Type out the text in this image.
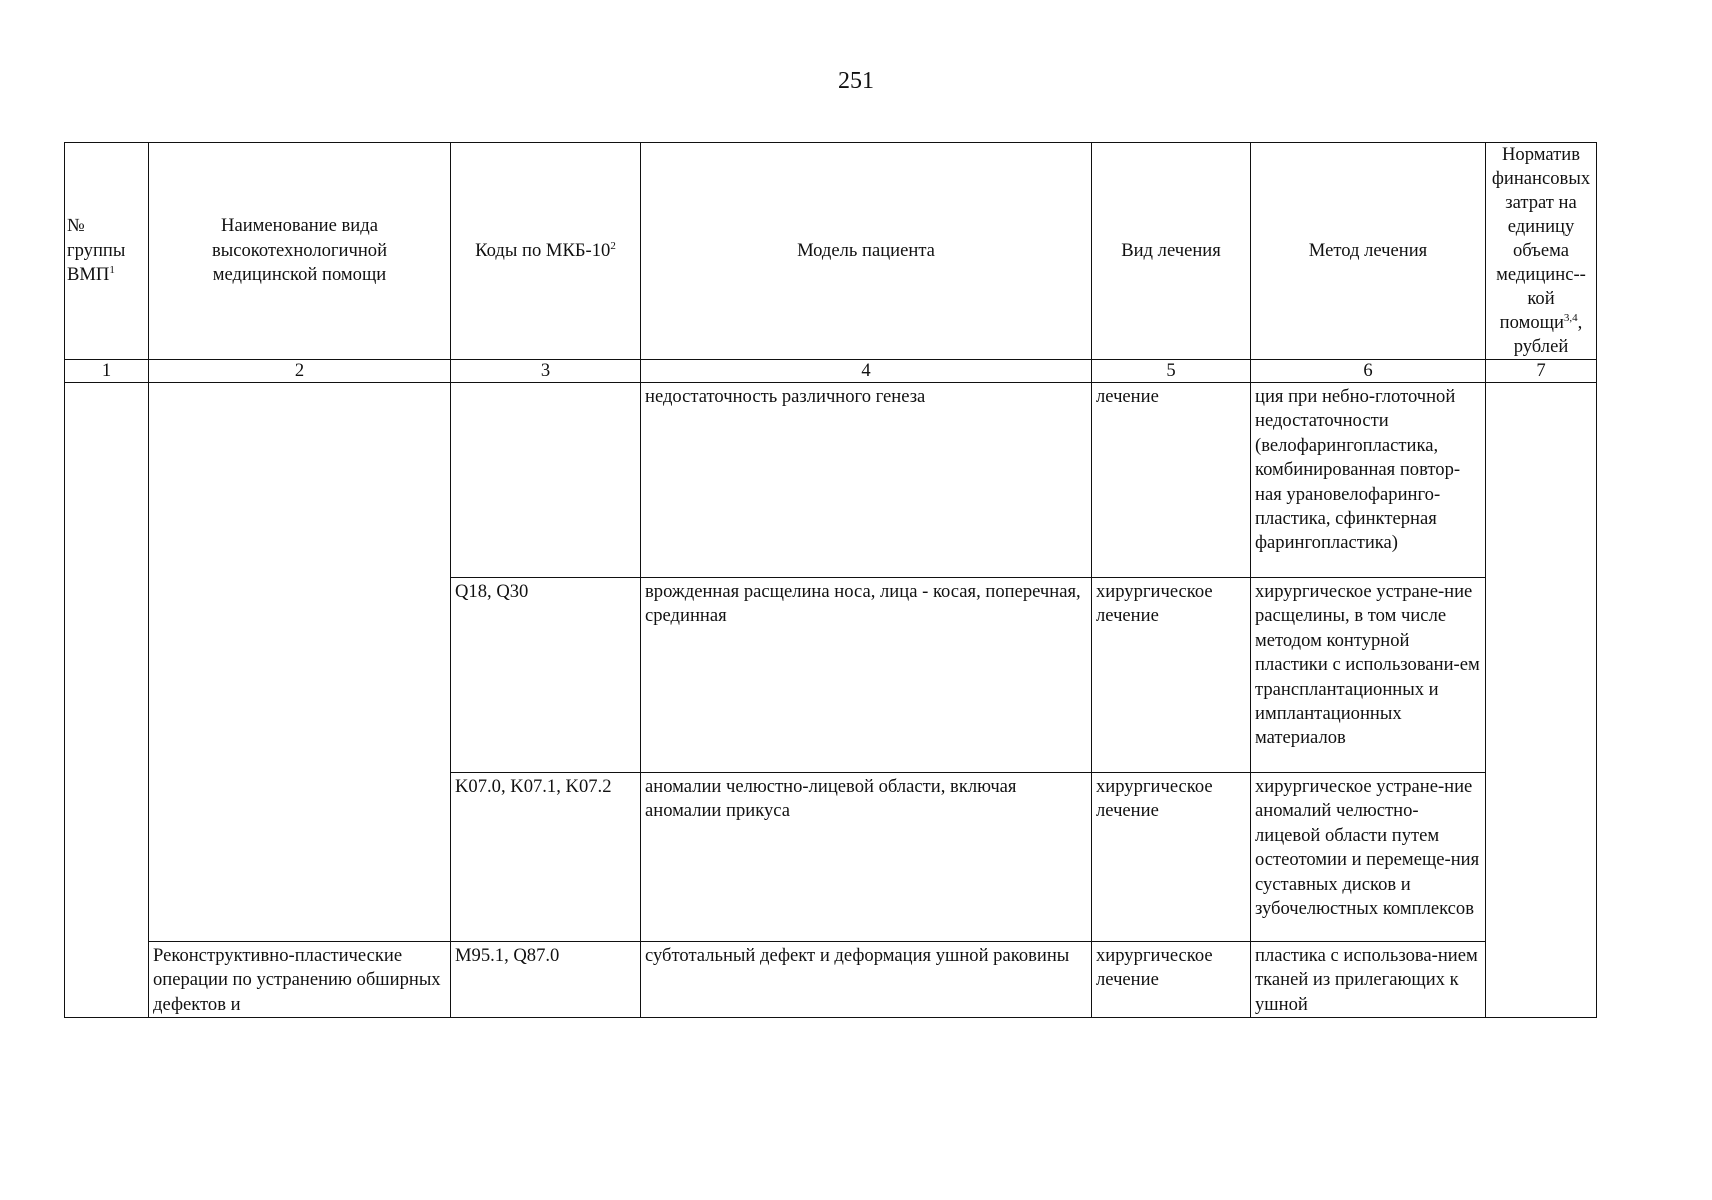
251
№ группы ВМП$^1$	Наименование вида высокотехнологичной медицинской помощи	Коды по МКБ-$10^2$	Модель пациента	Вид лечения	Метод лечения	Норматив финансовых затрат на единицу объема медицинс--кой помощи$^{3,4}$, рублей
1	2	3	4	5	6	7
			недостаточность различного генеза	лечение	ция при небно-глоточной недостаточности (велофарингопластика, комбинированная повтор-ная урановелофаринго-пластика, сфинктерная фарингопластика)	
		Q18, Q30	врожденная расщелина носа, лица - косая, поперечная, срединная	хирургическое лечение	хирургическое устране-ние расщелины, в том числе методом контурной пластики с использовани-ем трансплантационных и имплантационных материалов	
		K07.0, K07.1, K07.2	аномалии челюстно-лицевой области, включая аномалии прикуса	хирургическое лечение	хирургическое устране-ние аномалий челюстно-лицевой области путем остеотомии и перемеще-ния суставных дисков и зубочелюстных комплексов	
	Реконструктивно-пластические операции по устранению обширных дефектов и	M95.1, Q87.0	субтотальный дефект и деформация ушной раковины	хирургическое лечение	пластика с использова-нием тканей из прилегающих к ушной	
